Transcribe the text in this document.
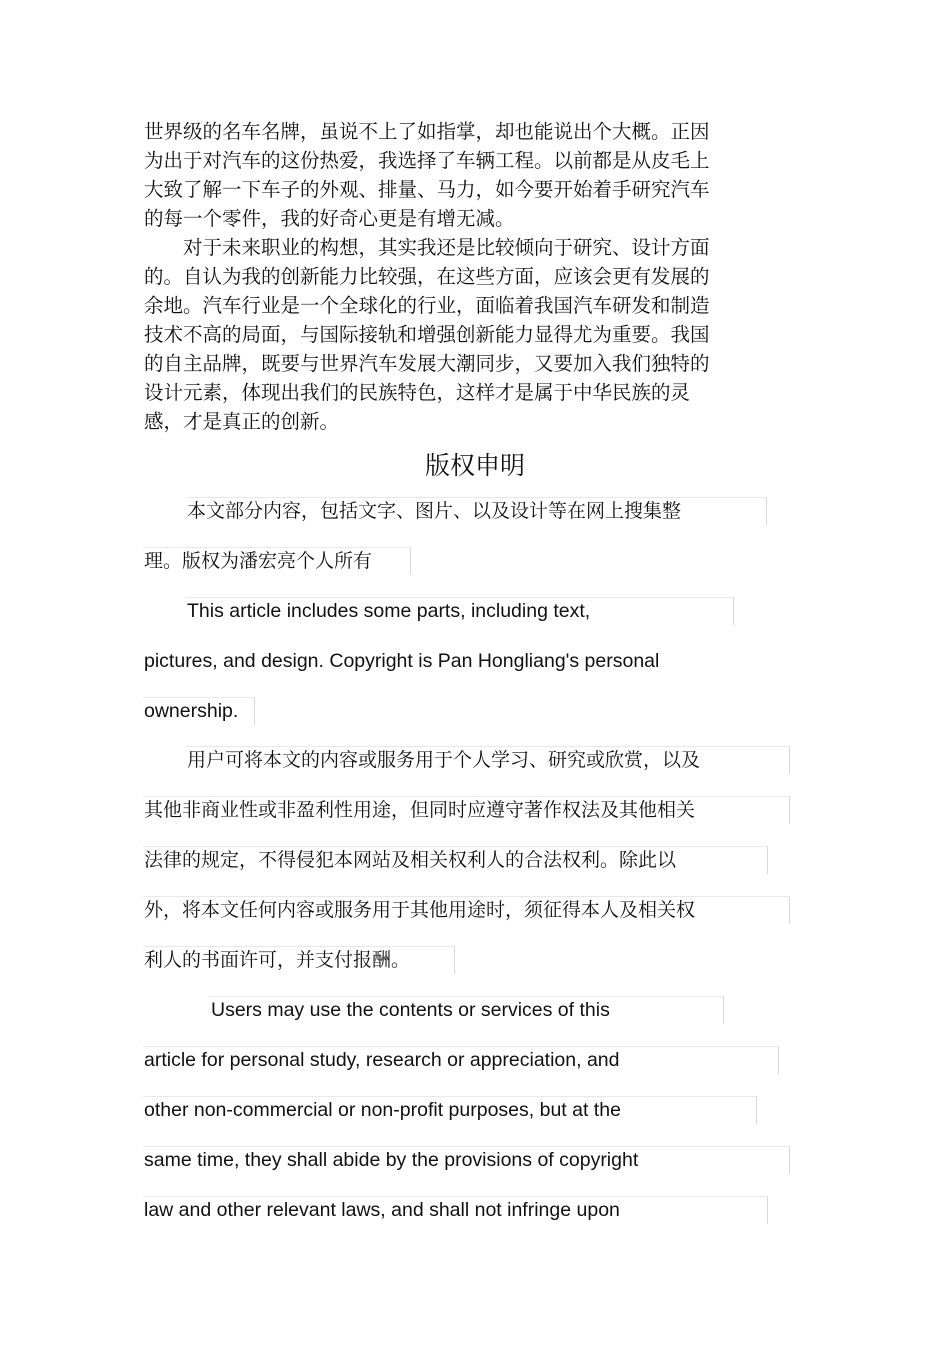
世界级的名车名牌，虽说不上了如指掌，却也能说出个大概。正因
为出于对汽车的这份热爱，我选择了车辆工程。以前都是从皮毛上
大致了解一下车子的外观、排量、马力，如今要开始着手研究汽车
的每一个零件，我的好奇心更是有增无减。
　　对于未来职业的构想，其实我还是比较倾向于研究、设计方面
的。自认为我的创新能力比较强，在这些方面，应该会更有发展的
余地。汽车行业是一个全球化的行业，面临着我国汽车研发和制造
技术不高的局面，与国际接轨和增强创新能力显得尤为重要。我国
的自主品牌，既要与世界汽车发展大潮同步，又要加入我们独特的
设计元素，体现出我们的民族特色，这样才是属于中华民族的灵
感，才是真正的创新。
版权申明
本文部分内容，包括文字、图片、以及设计等在网上搜集整
理。版权为潘宏亮个人所有
This article includes some parts, including text,
pictures, and design. Copyright is Pan Hongliang's personal
ownership.
用户可将本文的内容或服务用于个人学习、研究或欣赏，以及
其他非商业性或非盈利性用途，但同时应遵守著作权法及其他相关
法律的规定，不得侵犯本网站及相关权利人的合法权利。除此以
外，将本文任何内容或服务用于其他用途时，须征得本人及相关权
利人的书面许可，并支付报酬。
Users may use the contents or services of this
article for personal study, research or appreciation, and
other non-commercial or non-profit purposes, but at the
same time, they shall abide by the provisions of copyright
law and other relevant laws, and shall not infringe upon
